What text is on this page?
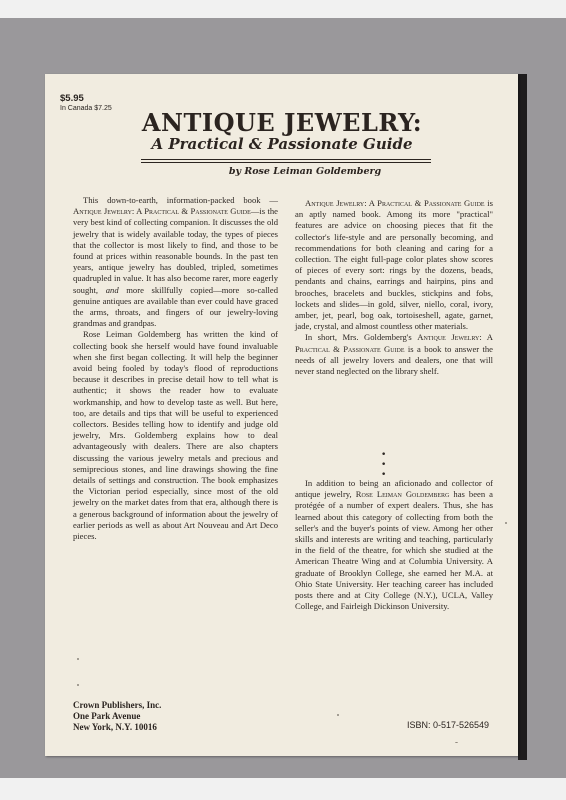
$5.95
In Canada $7.25 ANTIQUE JEWELRY:
A Practical & Passionate Guide
by Rose Leiman Goldemberg

This down-to-earth, information-packed book —Antique Jewelry: A Practical & Passionate Guide—is the very best kind of collecting companion. It discusses the old jewelry that is widely available today, the types of pieces that the collector is most likely to find, and those to be found at prices within reasonable bounds. In the past ten years, antique jewelry has doubled, tripled, sometimes quadrupled in value. It has also become rarer, more eagerly sought, and more skillfully copied—more so-called genuine antiques are available than ever could have graced the arms, throats, and fingers of our jewelry-loving grandmas and grandpas.

Rose Leiman Goldemberg has written the kind of collecting book she herself would have found invaluable when she first began collecting. It will help the beginner avoid being fooled by today's flood of reproductions because it describes in precise detail how to tell what is authentic; it shows the reader how to evaluate workmanship, and how to develop taste as well. But here, too, are details and tips that will be useful to experienced collectors. Besides telling how to identify and judge old jewelry, Mrs. Goldemberg explains how to deal advantageously with dealers. There are also chapters discussing the various jewelry metals and precious and semiprecious stones, and line drawings showing the fine details of settings and construction. The book emphasizes the Victorian period especially, since most of the old jewelry on the market dates from that era, although there is a generous background of information about the jewelry of earlier periods as well as about Art Nouveau and Art Deco pieces.

Antique Jewelry: A Practical & Passionate Guide is an aptly named book. Among its more "practical" features are advice on choosing pieces that fit the collector's life-style and are personally becoming, and recommendations for both cleaning and caring for a collection. The eight full-page color plates show scores of pieces of every sort: rings by the dozens, beads, pendants and chains, earrings and hairpins, pins and brooches, bracelets and buckles, stickpins and fobs, lockets and slides—in gold, silver, niello, coral, ivory, amber, jet, pearl, bog oak, tortoiseshell, agate, garnet, jade, crystal, and almost countless other materials.

In short, Mrs. Goldemberg's Antique Jewelry: A Practical & Passionate Guide is a book to answer the needs of all jewelry lovers and dealers, one that will never stand neglected on the library shelf.

• • •

In addition to being an aficionado and collector of antique jewelry, Rose Leiman Goldemberg has been a protégée of a number of expert dealers. Thus, she has learned about this category of collecting from both the seller's and the buyer's points of view. Among her other skills and interests are writing and teaching, particularly in the field of the theatre, for which she studied at the American Theatre Wing and at Columbia University. A graduate of Brooklyn College, she earned her M.A. at Ohio State University. Her teaching career has included posts there and at City College (N.Y.), UCLA, Valley College, and Fairleigh Dickinson University.

Crown Publishers, Inc.
One Park Avenue
New York, N.Y. 10016	ISBN: 0-517-526549
